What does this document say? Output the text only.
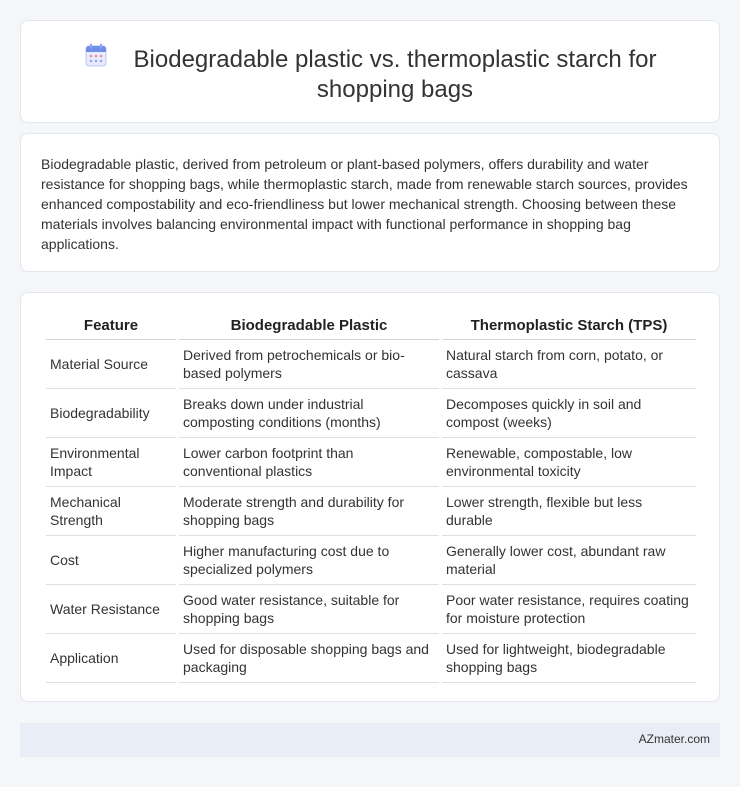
Biodegradable plastic vs. thermoplastic starch for shopping bags

Biodegradable plastic, derived from petroleum or plant-based polymers, offers durability and water resistance for shopping bags, while thermoplastic starch, made from renewable starch sources, provides enhanced compostability and eco-friendliness but lower mechanical strength. Choosing between these materials involves balancing environmental impact with functional performance in shopping bag applications.

Feature	Biodegradable Plastic	Thermoplastic Starch (TPS)
Material Source	Derived from petrochemicals or bio-based polymers	Natural starch from corn, potato, or cassava
Biodegradability	Breaks down under industrial composting conditions (months)	Decomposes quickly in soil and compost (weeks)
Environmental Impact	Lower carbon footprint than conventional plastics	Renewable, compostable, low environmental toxicity
Mechanical Strength	Moderate strength and durability for shopping bags	Lower strength, flexible but less durable
Cost	Higher manufacturing cost due to specialized polymers	Generally lower cost, abundant raw material
Water Resistance	Good water resistance, suitable for shopping bags	Poor water resistance, requires coating for moisture protection
Application	Used for disposable shopping bags and packaging	Used for lightweight, biodegradable shopping bags
AZmater.com
